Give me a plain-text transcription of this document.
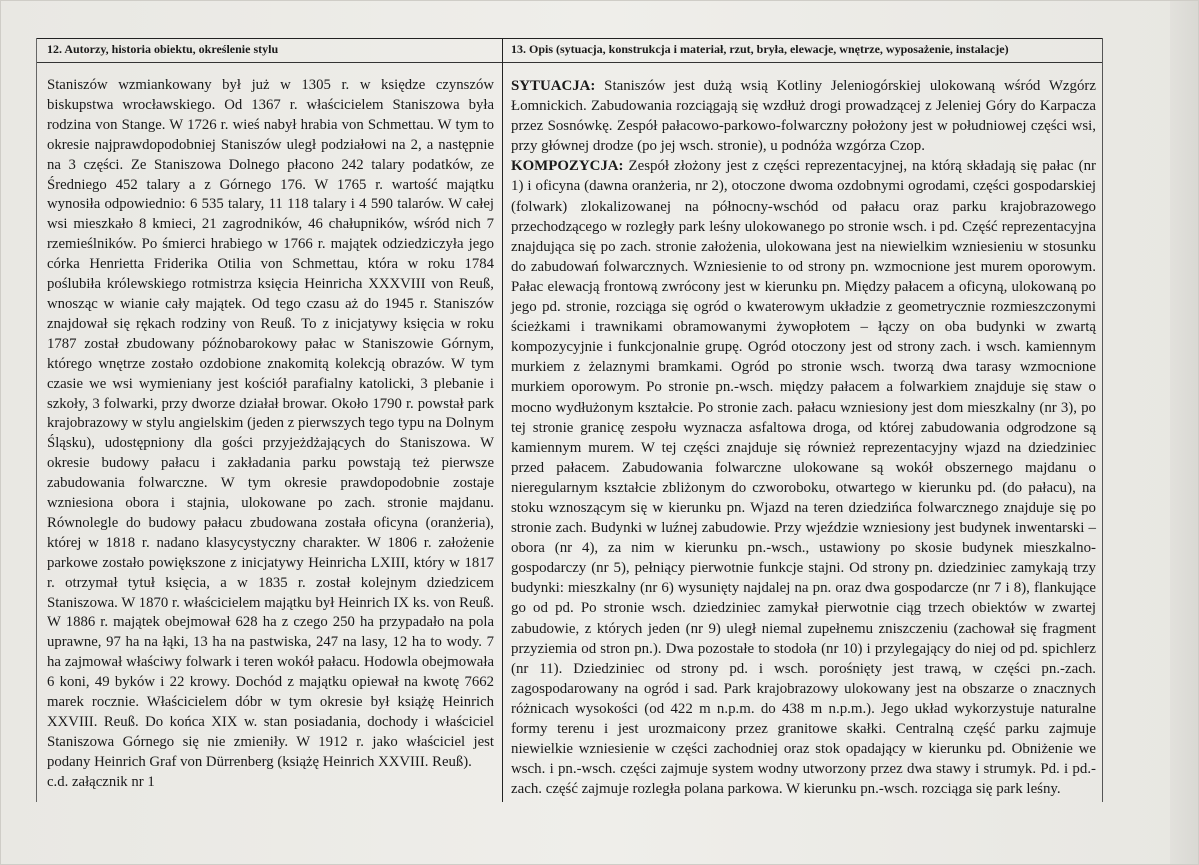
12. Autorzy, historia obiektu, określenie stylu	13. Opis (sytuacja, konstrukcja i materiał, rzut, bryła, elewacje, wnętrze, wyposażenie, instalacje)

Staniszów wzmiankowany był już w 1305 r. w księdze czynszów biskupstwa wrocławskiego. Od 1367 r. właścicielem Staniszowa była rodzina von Stange. W 1726 r. wieś nabył hrabia von Schmettau. W tym to okresie najprawdopodobniej Staniszów uległ podziałowi na 2, a następnie na 3 części. Ze Staniszowa Dolnego płacono 242 talary podatków, ze Średniego 452 talary a z Górnego 176. W 1765 r. wartość majątku wynosiła odpowiednio: 6 535 talary, 11 118 talary i 4 590 talarów. W całej wsi mieszkało 8 kmieci, 21 zagrodników, 46 chałupników, wśród nich 7 rzemieślników. Po śmierci hrabiego w 1766 r. majątek odziedziczyła jego córka Henrietta Friderika Otilia von Schmettau, która w roku 1784 poślubiła królewskiego rotmistrza księcia Heinricha XXXVIII von Reuß, wnosząc w wianie cały majątek. Od tego czasu aż do 1945 r. Staniszów znajdował się rękach rodziny von Reuß. To z inicjatywy księcia w roku 1787 został zbudowany późnobarokowy pałac w Staniszowie Górnym, którego wnętrze zostało ozdobione znakomitą kolekcją obrazów. W tym czasie we wsi wymieniany jest kościół parafialny katolicki, 3 plebanie i szkoły, 3 folwarki, przy dworze działał browar. Około 1790 r. powstał park krajobrazowy w stylu angielskim (jeden z pierwszych tego typu na Dolnym Śląsku), udostępniony dla gości przyjeżdżających do Staniszowa. W okresie budowy pałacu i zakładania parku powstają też pierwsze zabudowania folwarczne. W tym okresie prawdopodobnie zostaje wzniesiona obora i stajnia, ulokowane po zach. stronie majdanu. Równolegle do budowy pałacu zbudowana została oficyna (oranżeria), której w 1818 r. nadano klasycystyczny charakter. W 1806 r. założenie parkowe zostało powiększone z inicjatywy Heinricha LXIII, który w 1817 r. otrzymał tytuł księcia, a w 1835 r. został kolejnym dziedzicem Staniszowa. W 1870 r. właścicielem majątku był Heinrich IX ks. von Reuß. W 1886 r. majątek obejmował 628 ha z czego 250 ha przypadało na pola uprawne, 97 ha na łąki, 13 ha na pastwiska, 247 na lasy, 12 ha to wody. 7 ha zajmował właściwy folwark i teren wokół pałacu. Hodowla obejmowała 6 koni, 49 byków i 22 krowy. Dochód z majątku opiewał na kwotę 7662 marek rocznie. Właścicielem dóbr w tym okresie był książę Heinrich XXVIII. Reuß. Do końca XIX w. stan posiadania, dochody i właściciel Staniszowa Górnego się nie zmieniły. W 1912 r. jako właściciel jest podany Heinrich Graf von Dürrenberg (książę Heinrich XXVIII. Reuß).

c.d. załącznik nr 1

SYTUACJA: Staniszów jest dużą wsią Kotliny Jeleniogórskiej ulokowaną wśród Wzgórz Łomnickich. Zabudowania rozciągają się wzdłuż drogi prowadzącej z Jeleniej Góry do Karpacza przez Sosnówkę. Zespół pałacowo-parkowo-folwarczny położony jest w południowej części wsi, przy głównej drodze (po jej wsch. stronie), u podnóża wzgórza Czop.

KOMPOZYCJA: Zespół złożony jest z części reprezentacyjnej, na którą składają się pałac (nr 1) i oficyna (dawna oranżeria, nr 2), otoczone dwoma ozdobnymi ogrodami, części gospodarskiej (folwark) zlokalizowanej na północny-wschód od pałacu oraz parku krajobrazowego przechodzącego w rozległy park leśny ulokowanego po stronie wsch. i pd. Część reprezentacyjna znajdująca się po zach. stronie założenia, ulokowana jest na niewielkim wzniesieniu w stosunku do zabudowań folwarcznych. Wzniesienie to od strony pn. wzmocnione jest murem oporowym. Pałac elewacją frontową zwrócony jest w kierunku pn. Między pałacem a oficyną, ulokowaną po jego pd. stronie, rozciąga się ogród o kwaterowym układzie z geometrycznie rozmieszczonymi ścieżkami i trawnikami obramowanymi żywopłotem – łączy on oba budynki w zwartą kompozycyjnie i funkcjonalnie grupę. Ogród otoczony jest od strony zach. i wsch. kamiennym murkiem z żelaznymi bramkami. Ogród po stronie wsch. tworzą dwa tarasy wzmocnione murkiem oporowym. Po stronie pn.-wsch. między pałacem a folwarkiem znajduje się staw o mocno wydłużonym kształcie. Po stronie zach. pałacu wzniesiony jest dom mieszkalny (nr 3), po tej stronie granicę zespołu wyznacza asfaltowa droga, od której zabudowania odgrodzone są kamiennym murem. W tej części znajduje się również reprezentacyjny wjazd na dziedziniec przed pałacem. Zabudowania folwarczne ulokowane są wokół obszernego majdanu o nieregularnym kształcie zbliżonym do czworoboku, otwartego w kierunku pd. (do pałacu), na stoku wznoszącym się w kierunku pn. Wjazd na teren dziedzińca folwarcznego znajduje się po stronie zach. Budynki w luźnej zabudowie. Przy wjeździe wzniesiony jest budynek inwentarski – obora (nr 4), za nim w kierunku pn.-wsch., ustawiony po skosie budynek mieszkalno-gospodarczy (nr 5), pełniący pierwotnie funkcje stajni. Od strony pn. dziedziniec zamykają trzy budynki: mieszkalny (nr 6) wysunięty najdalej na pn. oraz dwa gospodarcze (nr 7 i 8), flankujące go od pd. Po stronie wsch. dziedziniec zamykał pierwotnie ciąg trzech obiektów w zwartej zabudowie, z których jeden (nr 9) uległ niemal zupełnemu zniszczeniu (zachował się fragment przyziemia od stron pn.). Dwa pozostałe to stodoła (nr 10) i przylegający do niej od pd. spichlerz (nr 11). Dziedziniec od strony pd. i wsch. porośnięty jest trawą, w części pn.-zach. zagospodarowany na ogród i sad. Park krajobrazowy ulokowany jest na obszarze o znacznych różnicach wysokości (od 422 m n.p.m. do 438 m n.p.m.). Jego układ wykorzystuje naturalne formy terenu i jest urozmaicony przez granitowe skałki. Centralną część parku zajmuje niewielkie wzniesienie w części zachodniej oraz stok opadający w kierunku pd. Obniżenie we wsch. i pn.-wsch. części zajmuje system wodny utworzony przez dwa stawy i strumyk. Pd. i pd.-zach. część zajmuje rozległa polana parkowa. W kierunku pn.-wsch. rozciąga się park leśny.
